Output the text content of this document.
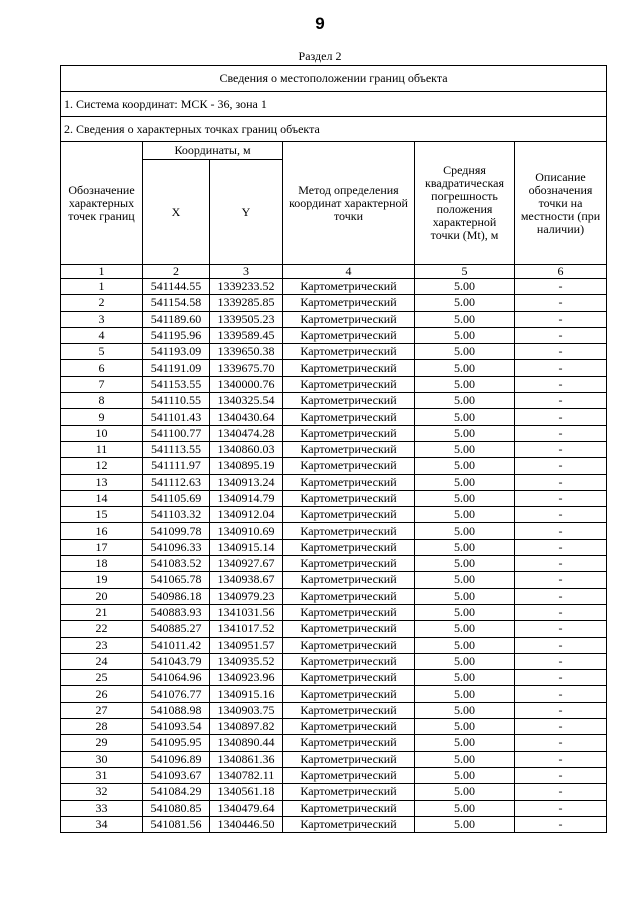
9
Раздел 2
Сведения о местоположении границ объекта					
1. Система координат: МСК - 36, зона 1					
2. Сведения о характерных точках границ объекта					
Обозначение характерных точек границ	Координаты, м		Метод определения координат характерной точки	Средняя квадратическая погрешность положения характерной точки (Mt), м	Описание обозначения точки на местности (при наличии)
	X	Y			
1	2	3	4	5	6
1	541144.55	1339233.52	Картометрический	5.00	-
2	541154.58	1339285.85	Картометрический	5.00	-
3	541189.60	1339505.23	Картометрический	5.00	-
4	541195.96	1339589.45	Картометрический	5.00	-
5	541193.09	1339650.38	Картометрический	5.00	-
6	541191.09	1339675.70	Картометрический	5.00	-
7	541153.55	1340000.76	Картометрический	5.00	-
8	541110.55	1340325.54	Картометрический	5.00	-
9	541101.43	1340430.64	Картометрический	5.00	-
10	541100.77	1340474.28	Картометрический	5.00	-
11	541113.55	1340860.03	Картометрический	5.00	-
12	541111.97	1340895.19	Картометрический	5.00	-
13	541112.63	1340913.24	Картометрический	5.00	-
14	541105.69	1340914.79	Картометрический	5.00	-
15	541103.32	1340912.04	Картометрический	5.00	-
16	541099.78	1340910.69	Картометрический	5.00	-
17	541096.33	1340915.14	Картометрический	5.00	-
18	541083.52	1340927.67	Картометрический	5.00	-
19	541065.78	1340938.67	Картометрический	5.00	-
20	540986.18	1340979.23	Картометрический	5.00	-
21	540883.93	1341031.56	Картометрический	5.00	-
22	540885.27	1341017.52	Картометрический	5.00	-
23	541011.42	1340951.57	Картометрический	5.00	-
24	541043.79	1340935.52	Картометрический	5.00	-
25	541064.96	1340923.96	Картометрический	5.00	-
26	541076.77	1340915.16	Картометрический	5.00	-
27	541088.98	1340903.75	Картометрический	5.00	-
28	541093.54	1340897.82	Картометрический	5.00	-
29	541095.95	1340890.44	Картометрический	5.00	-
30	541096.89	1340861.36	Картометрический	5.00	-
31	541093.67	1340782.11	Картометрический	5.00	-
32	541084.29	1340561.18	Картометрический	5.00	-
33	541080.85	1340479.64	Картометрический	5.00	-
34	541081.56	1340446.50	Картометрический	5.00	-
